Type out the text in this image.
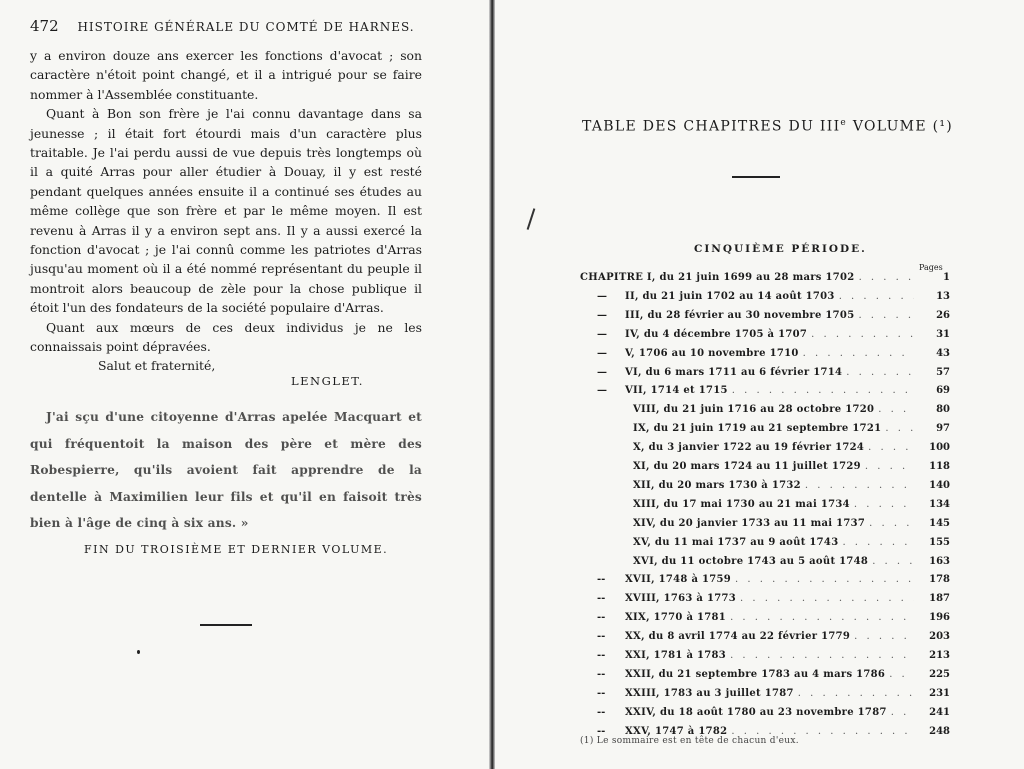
472 HISTOIRE GÉNÉRALE DU COMTÉ DE HARNES.

y a environ douze ans exercer les fonctions d'avocat ; son caractère n'étoit point changé, et il a intrigué pour se faire nommer à l'Assemblée constituante.

Quant à Bon son frère je l'ai connu davantage dans sa jeunesse ; il était fort étourdi mais d'un caractère plus traitable. Je l'ai perdu aussi de vue depuis très longtemps où il a quité Arras pour aller étudier à Douay, il y est resté pendant quelques années ensuite il a continué ses études au même collège que son frère et par le même moyen. Il est revenu à Arras il y a environ sept ans. Il y a aussi exercé la fonction d'avocat ; je l'ai connû comme les patriotes d'Arras jusqu'au moment où il a été nommé représentant du peuple il montroit alors beaucoup de zèle pour la chose publique il étoit l'un des fondateurs de la société populaire d'Arras.

Quant aux mœurs de ces deux individus je ne les connaissais point dépravées.

Salut et fraternité,
LENGLET.

J'ai sçu d'une citoyenne d'Arras apelée Macquart et qui fréquentoit la maison des père et mère des Robespierre, qu'ils avoient fait apprendre de la dentelle à Maximilien leur fils et qu'il en faisoit très bien à l'âge de cinq à six ans. »

FIN DU TROISIÈME ET DERNIER VOLUME.
TABLE DES CHAPITRES DU IIIe VOLUME (¹)
CINQUIÈME PÉRIODE.
Pages
CHAPITRE I, du 21 juin 1699 au 28 mars 1702 . . .	1
— II, du 21 juin 1702 au 14 août 1703 . . .	13
— III, du 28 février au 30 novembre 1705 . . .	26
— IV, du 4 décembre 1705 à 1707 . . .	31
— V, 1706 au 10 novembre 1710 . . .	43
— VI, du 6 mars 1711 au 6 février 1714 . . .	57
— VII, 1714 et 1715 . . .	69
VIII, du 21 juin 1716 au 28 octobre 1720 . . .	80
IX, du 21 juin 1719 au 21 septembre 1721 . . .	97
X, du 3 janvier 1722 au 19 février 1724 . . .	100
XI, du 20 mars 1724 au 11 juillet 1729 . . .	118
XII, du 20 mars 1730 à 1732 . . .	140
XIII, du 17 mai 1730 au 21 mai 1734 . . .	134
XIV, du 20 janvier 1733 au 11 mai 1737 . . .	145
XV, du 11 mai 1737 au 9 août 1743 . . .	155
XVI, du 11 octobre 1743 au 5 août 1748 . . .	163
-- XVII, 1748 à 1759 . . .	178
-- XVIII, 1763 à 1773 . . .	187
-- XIX, 1770 à 1781 . . .	196
-- XX, du 8 avril 1774 au 22 février 1779 . . .	203
-- XXI, 1781 à 1783 . . .	213
-- XXII, du 21 septembre 1783 au 4 mars 1786 . . .	225
-- XXIII, 1783 au 3 juillet 1787 . . .	231
-- XXIV, du 18 août 1780 au 23 novembre 1787 . . .	241
-- XXV, 1747 à 1782 . . .	248
(1) Le sommaire est en tête de chacun d'eux.
